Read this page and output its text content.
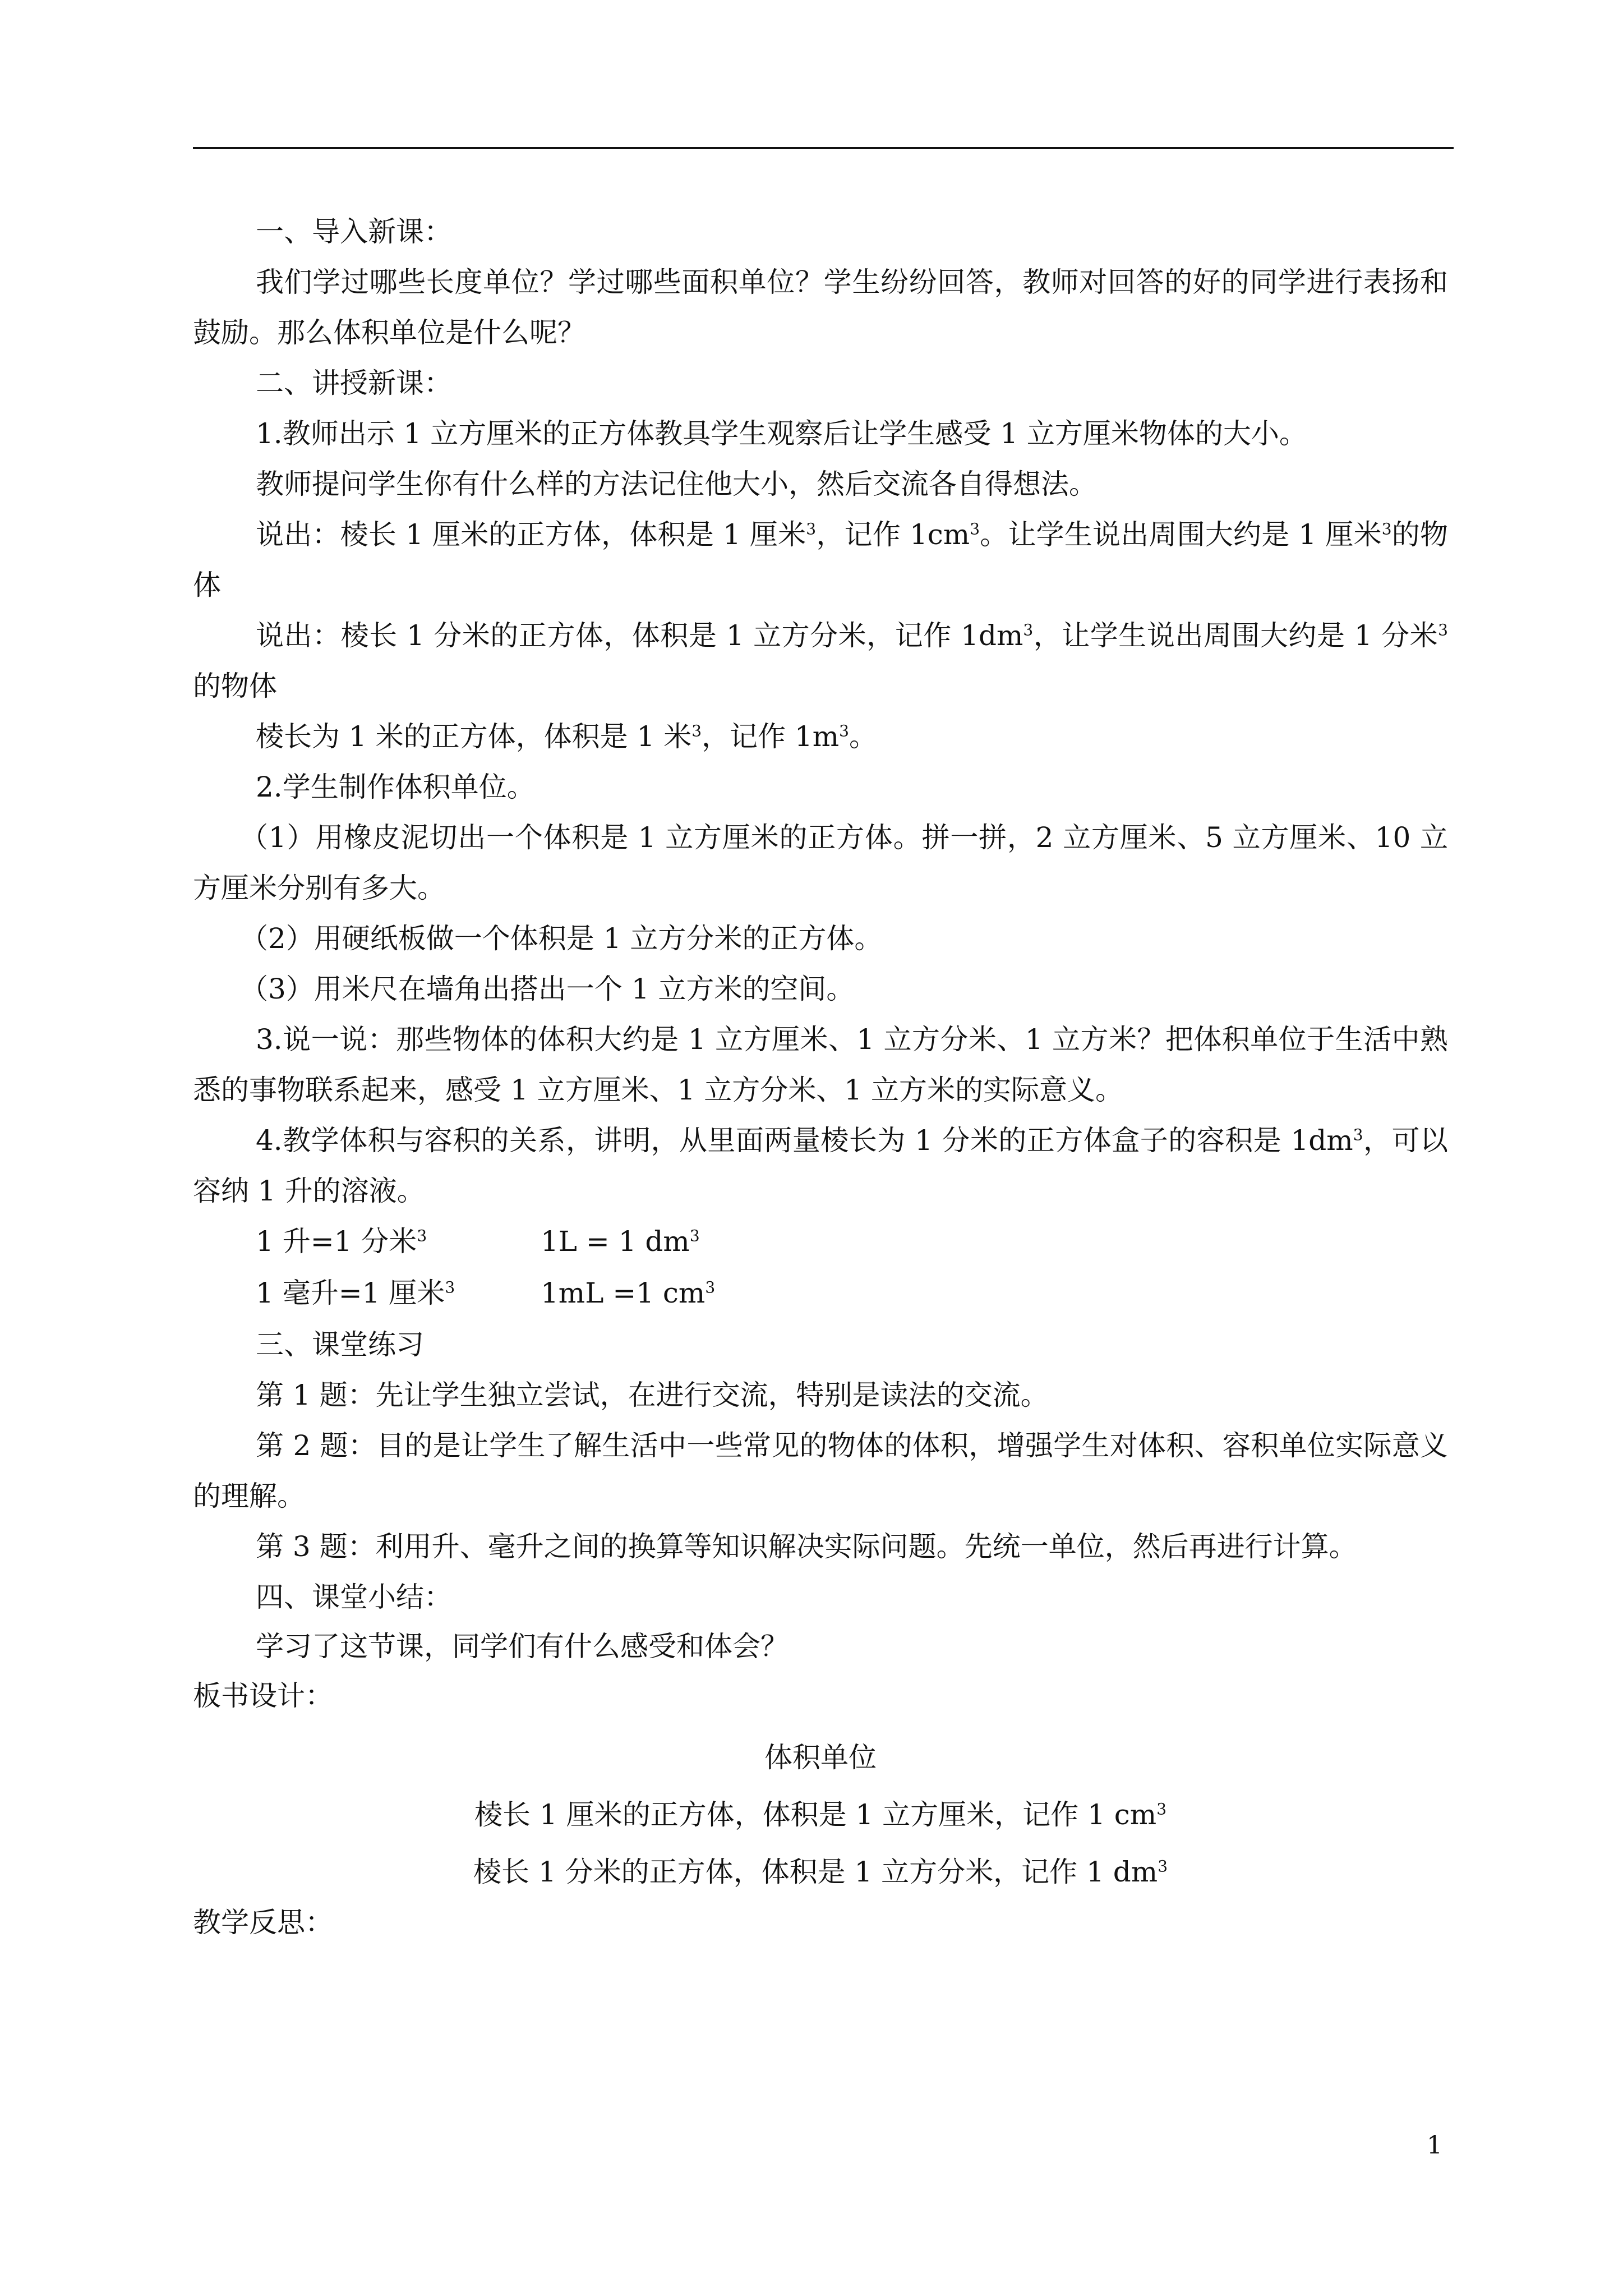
一、导入新课：

我们学过哪些长度单位？学过哪些面积单位？学生纷纷回答，教师对回答的好的同学进行表扬和鼓励。那么体积单位是什么呢？

二、讲授新课：

1.教师出示 1 立方厘米的正方体教具学生观察后让学生感受 1 立方厘米物体的大小。

教师提问学生你有什么样的方法记住他大小，然后交流各自得想法。

说出：棱长 1 厘米的正方体，体积是 1 厘米$^3$，记作 $1cm^3$。让学生说出周围大约是 1 厘米$^3$的物体

说出：棱长 1 分米的正方体，体积是 1 立方分米，记作 $1dm^3$，让学生说出周围大约是 1 分米$^3$的物体

棱长为 1 米的正方体，体积是 1 米$^3$，记作 $1m^3$。

2.学生制作体积单位。

（1）用橡皮泥切出一个体积是 1 立方厘米的正方体。拼一拼，2 立方厘米、5 立方厘米、10 立方厘米分别有多大。

（2）用硬纸板做一个体积是 1 立方分米的正方体。

（3）用米尺在墙角出搭出一个 1 立方米的空间。

3.说一说：那些物体的体积大约是 1 立方厘米、1 立方分米、1 立方米？把体积单位于生活中熟悉的事物联系起来，感受 1 立方厘米、1 立方分米、1 立方米的实际意义。

4.教学体积与容积的关系，讲明，从里面两量棱长为 1 分米的正方体盒子的容积是 $1dm^3$，可以容纳 1 升的溶液。

1 升=1 分米$^3$	1L = 1 $dm^3$
1 毫升=1 厘米$^3$	1mL =1 $cm^3$

三、课堂练习

第 1 题：先让学生独立尝试，在进行交流，特别是读法的交流。

第 2 题：目的是让学生了解生活中一些常见的物体的体积，增强学生对体积、容积单位实际意义的理解。

第 3 题：利用升、毫升之间的换算等知识解决实际问题。先统一单位，然后再进行计算。

四、课堂小结：

学习了这节课，同学们有什么感受和体会？

板书设计：

体积单位

棱长 1 厘米的正方体，体积是 1 立方厘米，记作 1 $cm^3$

棱长 1 分米的正方体，体积是 1 立方分米，记作 1 $dm^3$

教学反思：

1
